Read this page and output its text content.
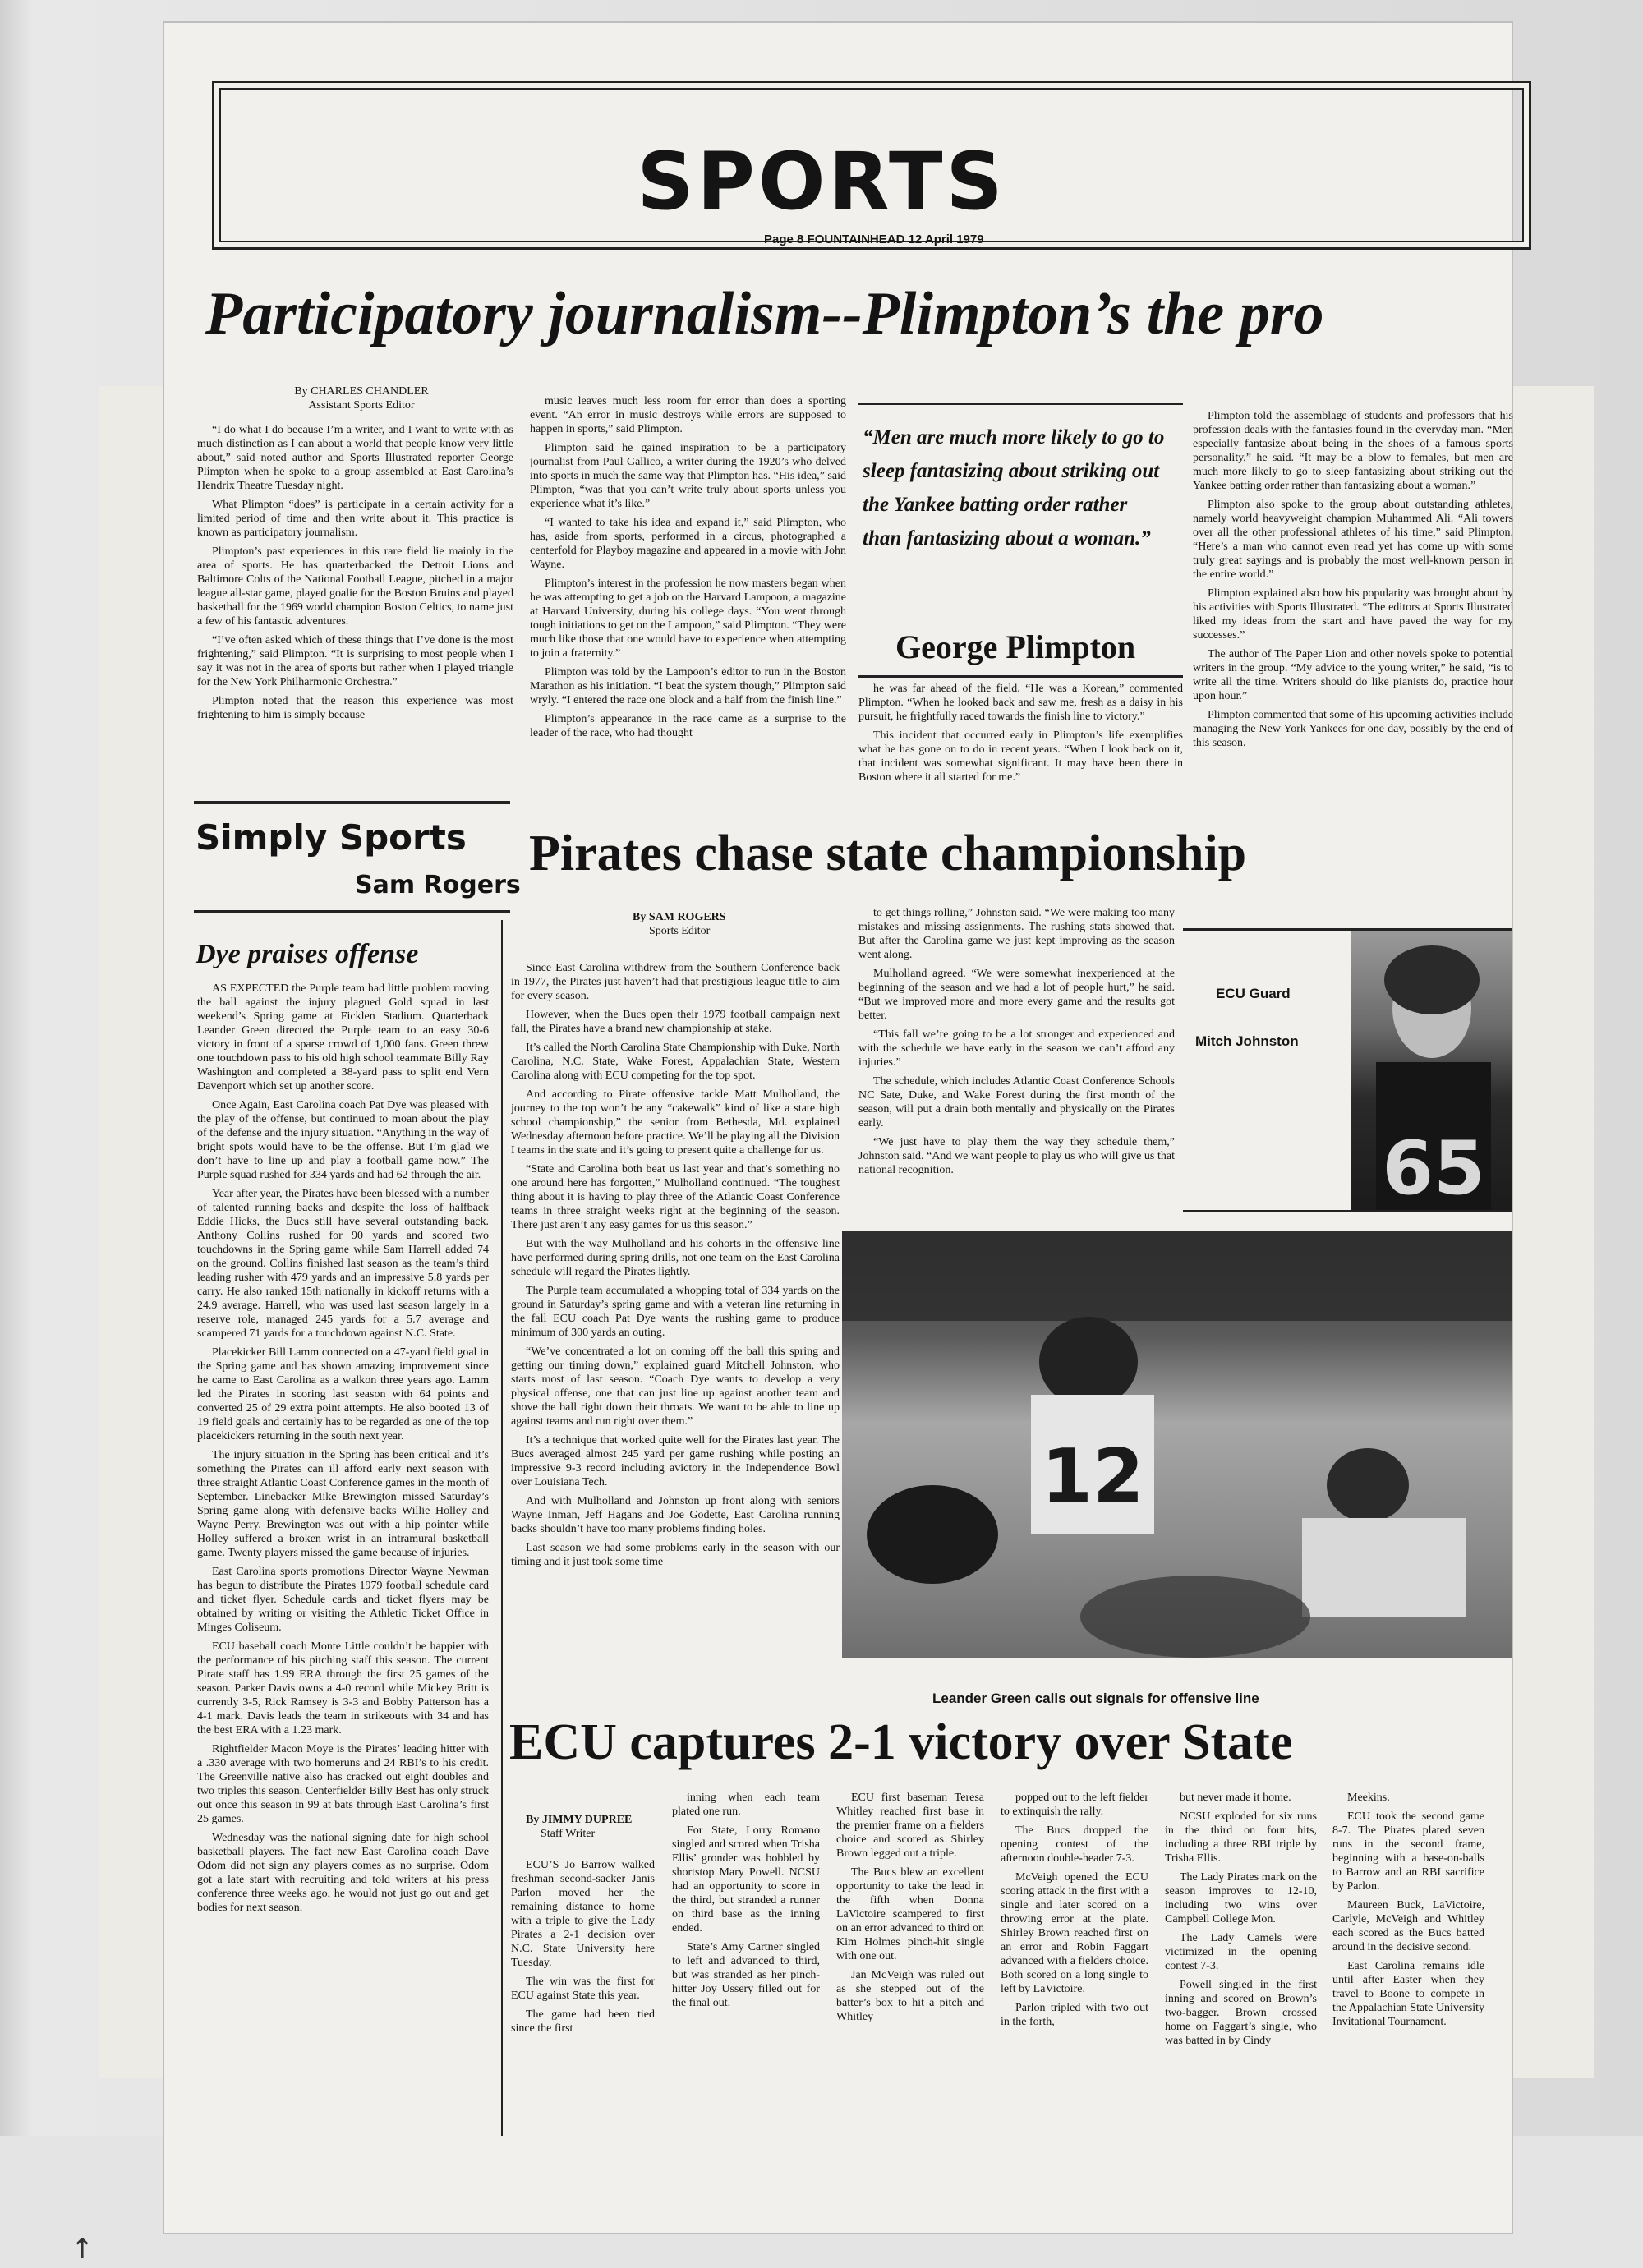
↑
SPORTS
Page 8 FOUNTAINHEAD 12 April 1979
Participatory journalism--Plimpton’s the pro
By CHARLES CHANDLER
Assistant Sports Editor

“I do what I do because I’m a writer, and I want to write with as much distinction as I can about a world that people know very little about,” said noted author and Sports Illustrated reporter George Plimpton when he spoke to a group assembled at East Carolina’s Hendrix Theatre Tuesday night.

What Plimpton “does” is participate in a certain activity for a limited period of time and then write about it. This practice is known as participatory journalism.

Plimpton’s past experiences in this rare field lie mainly in the area of sports. He has quarterbacked the Detroit Lions and Baltimore Colts of the National Football League, pitched in a major league all-star game, played goalie for the Boston Bruins and played basketball for the 1969 world champion Boston Celtics, to name just a few of his fantastic adventures.

“I’ve often asked which of these things that I’ve done is the most frightening,” said Plimpton. “It is surprising to most people when I say it was not in the area of sports but rather when I played triangle for the New York Philharmonic Orchestra.”

Plimpton noted that the reason this experience was most frightening to him is simply because

music leaves much less room for error than does a sporting event. “An error in music destroys while errors are supposed to happen in sports,” said Plimpton.

Plimpton said he gained inspiration to be a participatory journalist from Paul Gallico, a writer during the 1920’s who delved into sports in much the same way that Plimpton has. “His idea,” said Plimpton, “was that you can’t write truly about sports unless you experience what it’s like.”

“I wanted to take his idea and expand it,” said Plimpton, who has, aside from sports, performed in a circus, photographed a centerfold for Playboy magazine and appeared in a movie with John Wayne.

Plimpton’s interest in the profession he now masters began when he was attempting to get a job on the Harvard Lampoon, a magazine at Harvard University, during his college days. “You went through tough initiations to get on the Lampoon,” said Plimpton. “They were much like those that one would have to experience when attempting to join a fraternity.”

Plimpton was told by the Lampoon’s editor to run in the Boston Marathon as his initiation. “I beat the system though,” Plimpton said wryly. “I entered the race one block and a half from the finish line.”

Plimpton’s appearance in the race came as a surprise to the leader of the race, who had thought

“Men are much more likely to go to sleep fantasizing about striking out the Yankee batting order rather than fantasizing about a woman.”
George Plimpton

he was far ahead of the field. “He was a Korean,” commented Plimpton. “When he looked back and saw me, fresh as a daisy in his pursuit, he frightfully raced towards the finish line to victory.”

This incident that occurred early in Plimpton’s life exemplifies what he has gone on to do in recent years. “When I look back on it, that incident was somewhat significant. It may have been there in Boston where it all started for me.”

Plimpton told the assemblage of students and professors that his profession deals with the fantasies found in the everyday man. “Men especially fantasize about being in the shoes of a famous sports personality,” he said. “It may be a blow to females, but men are much more likely to go to sleep fantasizing about striking out the Yankee batting order rather than fantasizing about a woman.”

Plimpton also spoke to the group about outstanding athletes, namely world heavyweight champion Muhammed Ali. “Ali towers over all the other professional athletes of his time,” said Plimpton. “Here’s a man who cannot even read yet has come up with some truly great sayings and is probably the most well-known person in the entire world.”

Plimpton explained also how his popularity was brought about by his activities with Sports Illustrated. “The editors at Sports Illustrated liked my ideas from the start and have paved the way for my successes.”

The author of The Paper Lion and other novels spoke to potential writers in the group. “My advice to the young writer,” he said, “is to write all the time. Writers should do like pianists do, practice hour upon hour.”

Plimpton commented that some of his upcoming activities include managing the New York Yankees for one day, possibly by the end of this season.

Simply Sports
Sam Rogers
Dye praises offense

AS EXPECTED the Purple team had little problem moving the ball against the injury plagued Gold squad in last weekend’s Spring game at Ficklen Stadium. Quarterback Leander Green directed the Purple team to an easy 30-6 victory in front of a sparse crowd of 1,000 fans. Green threw one touchdown pass to his old high school teammate Billy Ray Washington and completed a 38-yard pass to split end Vern Davenport which set up another score.

Once Again, East Carolina coach Pat Dye was pleased with the play of the offense, but continued to moan about the play of the defense and the injury situation. “Anything in the way of bright spots would have to be the offense. But I’m glad we don’t have to line up and play a football game now.” The Purple squad rushed for 334 yards and had 62 through the air.

Year after year, the Pirates have been blessed with a number of talented running backs and despite the loss of halfback Eddie Hicks, the Bucs still have several outstanding back. Anthony Collins rushed for 90 yards and scored two touchdowns in the Spring game while Sam Harrell added 74 on the ground. Collins finished last season as the team’s third leading rusher with 479 yards and an impressive 5.8 yards per carry. He also ranked 15th nationally in kickoff returns with a 24.9 average. Harrell, who was used last season largely in a reserve role, managed 245 yards for a 5.7 average and scampered 71 yards for a touchdown against N.C. State.

Placekicker Bill Lamm connected on a 47-yard field goal in the Spring game and has shown amazing improvement since he came to East Carolina as a walkon three years ago. Lamm led the Pirates in scoring last season with 64 points and converted 25 of 29 extra point attempts. He also booted 13 of 19 field goals and certainly has to be regarded as one of the top placekickers returning in the south next year.

The injury situation in the Spring has been critical and it’s something the Pirates can ill afford early next season with three straight Atlantic Coast Conference games in the month of September. Linebacker Mike Brewington missed Saturday’s Spring game along with defensive backs Willie Holley and Wayne Perry. Brewington was out with a hip pointer while Holley suffered a broken wrist in an intramural basketball game. Twenty players missed the game because of injuries.

East Carolina sports promotions Director Wayne Newman has begun to distribute the Pirates 1979 football schedule card and ticket flyer. Schedule cards and ticket flyers may be obtained by writing or visiting the Athletic Ticket Office in Minges Coliseum.

ECU baseball coach Monte Little couldn’t be happier with the performance of his pitching staff this season. The current Pirate staff has 1.99 ERA through the first 25 games of the season. Parker Davis owns a 4-0 record while Mickey Britt is currently 3-5, Rick Ramsey is 3-3 and Bobby Patterson has a 4-1 mark. Davis leads the team in strikeouts with 34 and has the best ERA with a 1.23 mark.

Rightfielder Macon Moye is the Pirates’ leading hitter with a .330 average with two homeruns and 24 RBI’s to his credit. The Greenville native also has cracked out eight doubles and two triples this season. Centerfielder Billy Best has only struck out once this season in 99 at bats through East Carolina’s first 25 games.

Wednesday was the national signing date for high school basketball players. The fact new East Carolina coach Dave Odom did not sign any players comes as no surprise. Odom got a late start with recruiting and told writers at his press conference three weeks ago, he would not just go out and get bodies for next season.

Pirates chase state championship
By SAM ROGERS
Sports Editor

Since East Carolina withdrew from the Southern Conference back in 1977, the Pirates just haven’t had that prestigious league title to aim for every season.

However, when the Bucs open their 1979 football campaign next fall, the Pirates have a brand new championship at stake.

It’s called the North Carolina State Championship with Duke, North Carolina, N.C. State, Wake Forest, Appalachian State, Western Carolina along with ECU competing for the top spot.

And according to Pirate offensive tackle Matt Mulholland, the journey to the top won’t be any “cakewalk” kind of like a state high school championship,” the senior from Bethesda, Md. explained Wednesday afternoon before practice. We’ll be playing all the Division I teams in the state and it’s going to present quite a challenge for us.

“State and Carolina both beat us last year and that’s something no one around here has forgotten,” Mulholland continued. “The toughest thing about it is having to play three of the Atlantic Coast Conference teams in three straight weeks right at the beginning of the season. There just aren’t any easy games for us this season.”

But with the way Mulholland and his cohorts in the offensive line have performed during spring drills, not one team on the East Carolina schedule will regard the Pirates lightly.

The Purple team accumulated a whopping total of 334 yards on the ground in Saturday’s spring game and with a veteran line returning in the fall ECU coach Pat Dye wants the rushing game to produce minimum of 300 yards an outing.

“We’ve concentrated a lot on coming off the ball this spring and getting our timing down,” explained guard Mitchell Johnston, who starts most of last season. “Coach Dye wants to develop a very physical offense, one that can just line up against another team and shove the ball right down their throats. We want to be able to line up against teams and run right over them.”

It’s a technique that worked quite well for the Pirates last year. The Bucs averaged almost 245 yard per game rushing while posting an impressive 9-3 record including avictory in the Independence Bowl over Louisiana Tech.

And with Mulholland and Johnston up front along with seniors Wayne Inman, Jeff Hagans and Joe Godette, East Carolina running backs shouldn’t have too many problems finding holes.

Last season we had some problems early in the season with our timing and it just took some time

to get things rolling,” Johnston said. “We were making too many mistakes and missing assignments. The rushing stats showed that. But after the Carolina game we just kept improving as the season went along.

Mulholland agreed. “We were somewhat inexperienced at the beginning of the season and we had a lot of people hurt,” he said. “But we improved more and more every game and the results got better.

“This fall we’re going to be a lot stronger and experienced and with the schedule we have early in the season we can’t afford any injuries.”

The schedule, which includes Atlantic Coast Conference Schools NC Sate, Duke, and Wake Forest during the first month of the season, will put a drain both mentally and physically on the Pirates early.

“We just have to play them the way they schedule them,” Johnston said. “And we want people to play us who will give us that national recognition.

ECU Guard
Mitch Johnston
65
12
Leander Green calls out signals for offensive line
ECU captures 2-1 victory over State
By JIMMY DUPREE
Staff Writer

ECU’S Jo Barrow walked freshman second-sacker Janis Parlon moved her the remaining distance to home with a triple to give the Lady Pirates a 2-1 decision over N.C. State University here Tuesday.

The win was the first for ECU against State this year.

The game had been tied since the first

inning when each team plated one run.

For State, Lorry Romano singled and scored when Trisha Ellis’ gronder was bobbled by shortstop Mary Powell. NCSU had an opportunity to score in the third, but stranded a runner on third base as the inning ended.

State’s Amy Cartner singled to left and advanced to third, but was stranded as her pinch-hitter Joy Ussery filled out for the final out.

ECU first baseman Teresa Whitley reached first base in the premier frame on a fielders choice and scored as Shirley Brown legged out a triple.

The Bucs blew an excellent opportunity to take the lead in the fifth when Donna LaVictoire scampered to first on an error advanced to third on Kim Holmes pinch-hit single with one out.

Jan McVeigh was ruled out as she stepped out of the batter’s box to hit a pitch and Whitley

popped out to the left fielder to extinquish the rally.

The Bucs dropped the opening contest of the afternoon double-header 7-3.

McVeigh opened the ECU scoring attack in the first with a single and later scored on a throwing error at the plate. Shirley Brown reached first on an error and Robin Faggart advanced with a fielders choice. Both scored on a long single to left by LaVictoire.

Parlon tripled with two out in the forth,

but never made it home.

NCSU exploded for six runs in the third on four hits, including a three RBI triple by Trisha Ellis.

The Lady Pirates mark on the season improves to 12-10, including two wins over Campbell College Mon.

The Lady Camels were victimized in the opening contest 7-3.

Powell singled in the first inning and scored on Brown’s two-bagger. Brown crossed home on Faggart’s single, who was batted in by Cindy

Meekins.

ECU took the second game 8-7. The Pirates plated seven runs in the second frame, beginning with a base-on-balls to Barrow and an RBI sacrifice by Parlon.

Maureen Buck, LaVictoire, Carlyle, McVeigh and Whitley each scored as the Bucs batted around in the decisive second.

East Carolina remains idle until after Easter when they travel to Boone to compete in the Appalachian State University Invitational Tournament.
